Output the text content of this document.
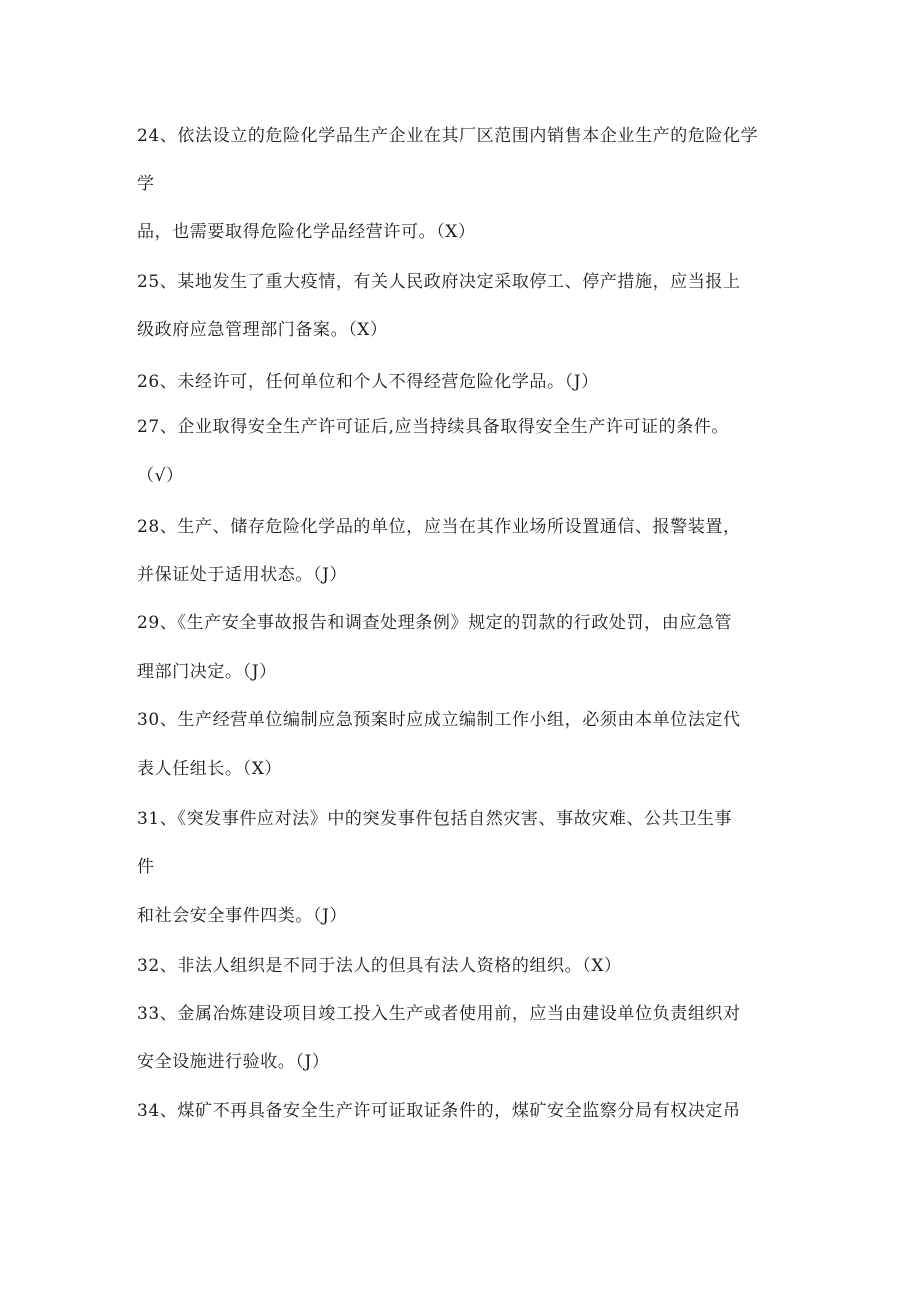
24、依法设立的危险化学品生产企业在其厂区范围内销售本企业生产的危险化学
学
品，也需要取得危险化学品经营许可。（X）
25、某地发生了重大疫情，有关人民政府决定采取停工、停产措施，应当报上
级政府应急管理部门备案。（X）
26、未经许可，任何单位和个人不得经营危险化学品。（J）
27、企业取得安全生产许可证后,应当持续具备取得安全生产许可证的条件。
（√）
28、生产、储存危险化学品的单位，应当在其作业场所设置通信、报警装置，
并保证处于适用状态。（J）
29、《生产安全事故报告和调查处理条例》规定的罚款的行政处罚，由应急管
理部门决定。（J）
30、生产经营单位编制应急预案时应成立编制工作小组，必须由本单位法定代
表人任组长。（X）
31、《突发事件应对法》中的突发事件包括自然灾害、事故灾难、公共卫生事
件
和社会安全事件四类。（J）
32、非法人组织是不同于法人的但具有法人资格的组织。（X）
33、金属冶炼建设项目竣工投入生产或者使用前，应当由建设单位负责组织对
安全设施进行验收。（J）
34、煤矿不再具备安全生产许可证取证条件的，煤矿安全监察分局有权决定吊
